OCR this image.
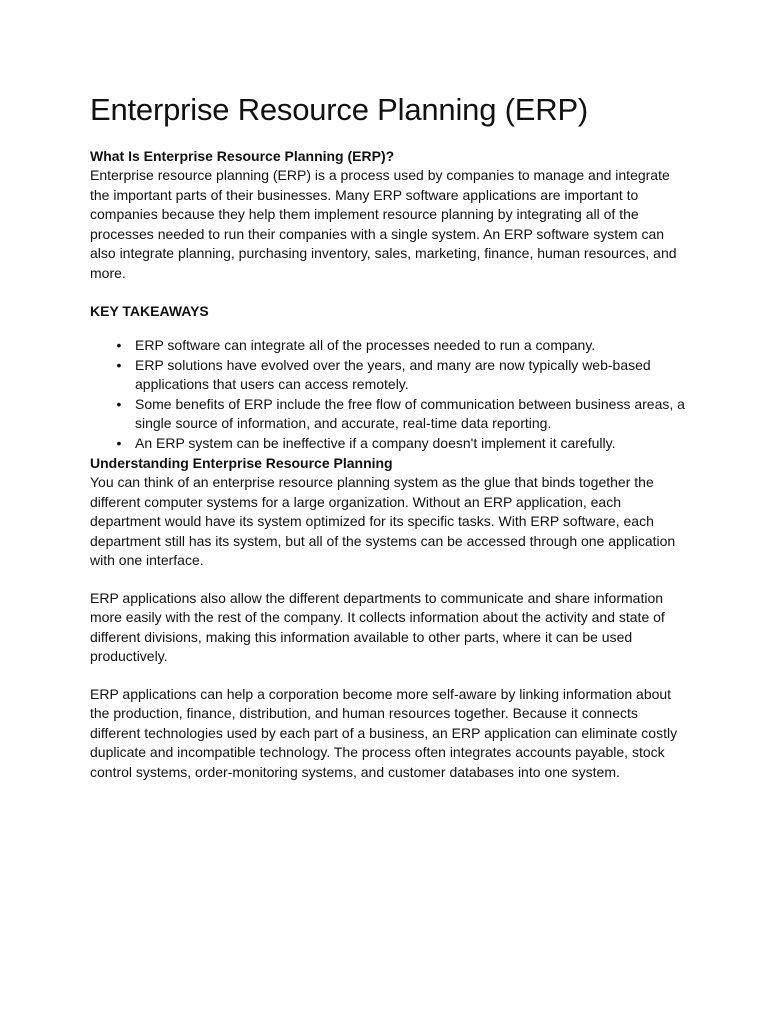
Enterprise Resource Planning (ERP)

What Is Enterprise Resource Planning (ERP)?

Enterprise resource planning (ERP) is a process used by companies to manage and integrate the important parts of their businesses. Many ERP software applications are important to companies because they help them implement resource planning by integrating all of the processes needed to run their companies with a single system. An ERP software system can also integrate planning, purchasing inventory, sales, marketing, finance, human resources, and more.

KEY TAKEAWAYS

• ERP software can integrate all of the processes needed to run a company.
• ERP solutions have evolved over the years, and many are now typically web-based applications that users can access remotely.
• Some benefits of ERP include the free flow of communication between business areas, a single source of information, and accurate, real-time data reporting.
• An ERP system can be ineffective if a company doesn't implement it carefully.

Understanding Enterprise Resource Planning

You can think of an enterprise resource planning system as the glue that binds together the different computer systems for a large organization. Without an ERP application, each department would have its system optimized for its specific tasks. With ERP software, each department still has its system, but all of the systems can be accessed through one application with one interface.

ERP applications also allow the different departments to communicate and share information more easily with the rest of the company. It collects information about the activity and state of different divisions, making this information available to other parts, where it can be used productively.

ERP applications can help a corporation become more self-aware by linking information about the production, finance, distribution, and human resources together. Because it connects different technologies used by each part of a business, an ERP application can eliminate costly duplicate and incompatible technology. The process often integrates accounts payable, stock control systems, order-monitoring systems, and customer databases into one system.
